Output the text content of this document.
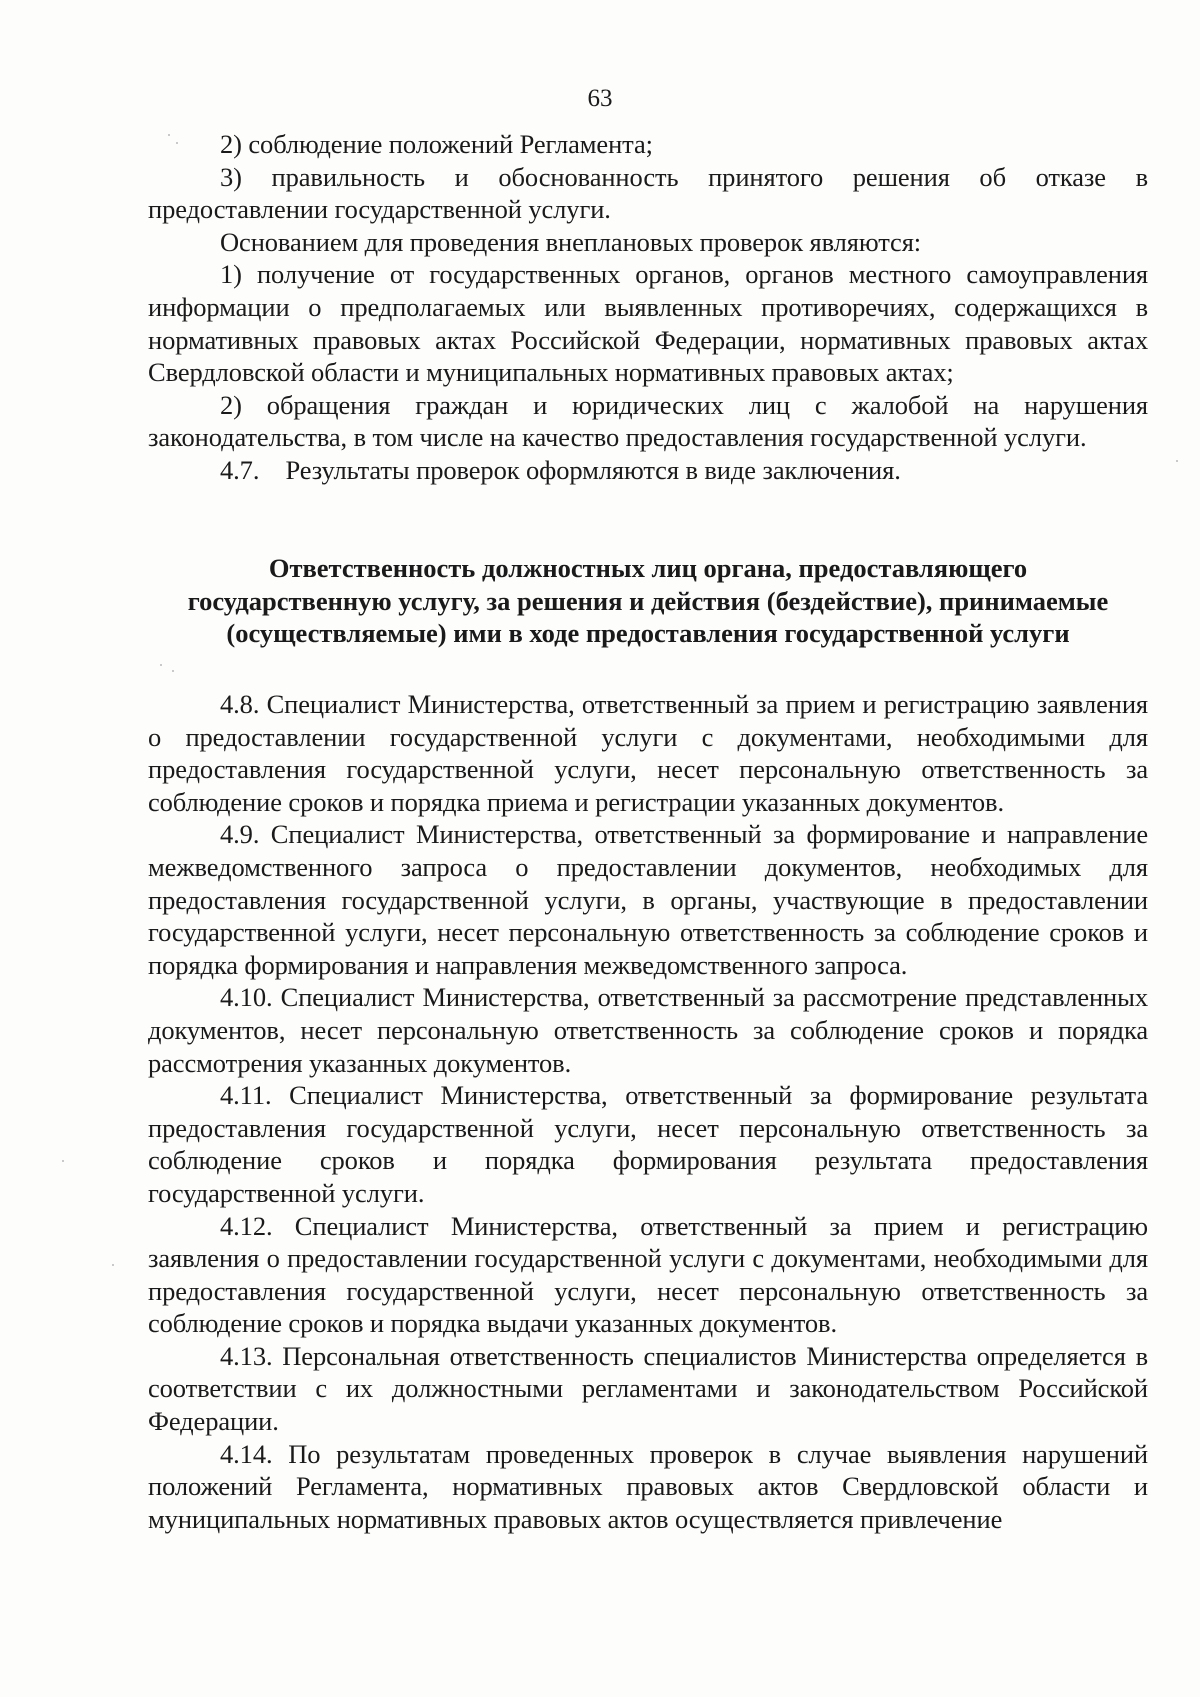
63

2) соблюдение положений Регламента;

3) правильность и обоснованность принятого решения об отказе в предоставлении государственной услуги.

Основанием для проведения внеплановых проверок являются:

1) получение от государственных органов, органов местного самоуправления информации о предполагаемых или выявленных противоречиях, содержащихся в нормативных правовых актах Российской Федерации, нормативных правовых актах Свердловской области и муниципальных нормативных правовых актах;

2) обращения граждан и юридических лиц с жалобой на нарушения законодательства, в том числе на качество предоставления государственной услуги.

4.7.    Результаты проверок оформляются в виде заключения.

Ответственность должностных лиц органа, предоставляющего
государственную услугу, за решения и действия (бездействие), принимаемые
(осуществляемые) ими в ходе предоставления государственной услуги

4.8. Специалист Министерства, ответственный за прием и регистрацию заявления о предоставлении государственной услуги с документами, необходимыми для предоставления государственной услуги, несет персональную ответственность за соблюдение сроков и порядка приема и регистрации указанных документов.

4.9. Специалист Министерства, ответственный за формирование и направление межведомственного запроса о предоставлении документов, необходимых для предоставления государственной услуги, в органы, участвующие в предоставлении государственной услуги, несет персональную ответственность за соблюдение сроков и порядка формирования и направления межведомственного запроса.

4.10. Специалист Министерства, ответственный за рассмотрение представленных документов, несет персональную ответственность за соблюдение сроков и порядка рассмотрения указанных документов.

4.11. Специалист Министерства, ответственный за формирование результата предоставления государственной услуги, несет персональную ответственность за соблюдение сроков и порядка формирования результата предоставления государственной услуги.

4.12. Специалист Министерства, ответственный за прием и регистрацию заявления о предоставлении государственной услуги с документами, необходимыми для предоставления государственной услуги, несет персональную ответственность за соблюдение сроков и порядка выдачи указанных документов.

4.13. Персональная ответственность специалистов Министерства определяется в соответствии с их должностными регламентами и законодательством Российской Федерации.

4.14. По результатам проведенных проверок в случае выявления нарушений положений Регламента, нормативных правовых актов Свердловской области и муниципальных нормативных правовых актов осуществляется привлечение
